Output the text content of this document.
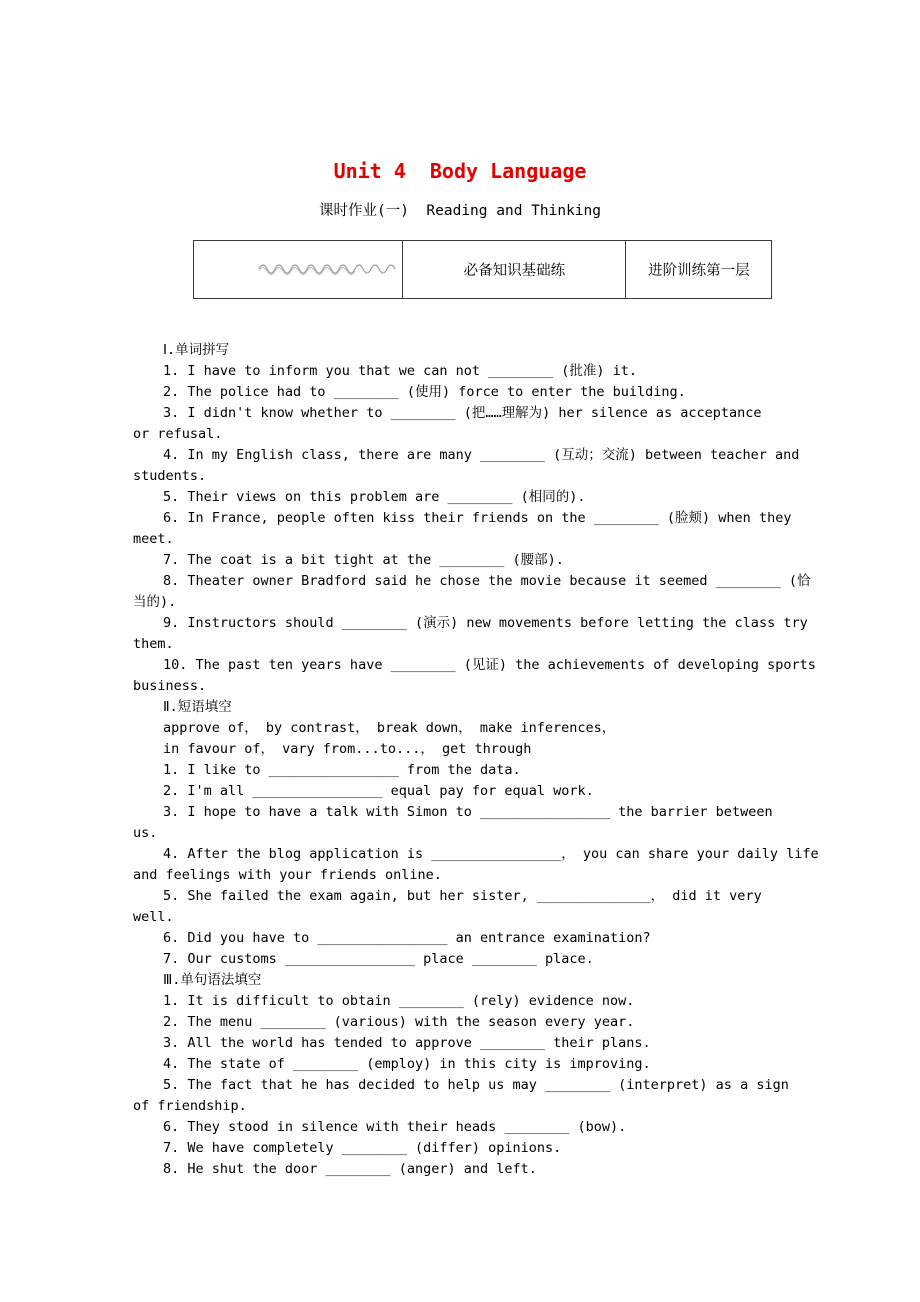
Unit 4  Body Language
课时作业(一)  Reading and Thinking

	必备知识基础练	进阶训练第一层
Ⅰ.单词拼写
1. I have to inform you that we can not ________ (批准) it.
2. The police had to ________ (使用) force to enter the building.
3. I didn't know whether to ________ (把……理解为) her silence as acceptance
or refusal.
4. In my English class, there are many ________ (互动；交流) between teacher and
students.
5. Their views on this problem are ________ (相同的).
6. In France, people often kiss their friends on the ________ (脸颊) when they
meet.
7. The coat is a bit tight at the ________ (腰部).
8. Theater owner Bradford said he chose the movie because it seemed ________ (恰
当的).
9. Instructors should ________ (演示) new movements before letting the class try
them.
10. The past ten years have ________ (见证) the achievements of developing sports
business.
Ⅱ.短语填空
approve of， by contrast， break down， make inferences，
in favour of， vary from...to...， get through
1. I like to ________________ from the data.
2. I'm all ________________ equal pay for equal work.
3. I hope to have a talk with Simon to ________________ the barrier between
us.
4. After the blog application is ________________， you can share your daily life
and feelings with your friends online.
5. She failed the exam again, but her sister, ______________， did it very
well.
6. Did you have to ________________ an entrance examination?
7. Our customs ________________ place ________ place.
Ⅲ.单句语法填空
1. It is difficult to obtain ________ (rely) evidence now.
2. The menu ________ (various) with the season every year.
3. All the world has tended to approve ________ their plans.
4. The state of ________ (employ) in this city is improving.
5. The fact that he has decided to help us may ________ (interpret) as a sign
of friendship.
6. They stood in silence with their heads ________ (bow).
7. We have completely ________ (differ) opinions.
8. He shut the door ________ (anger) and left.
